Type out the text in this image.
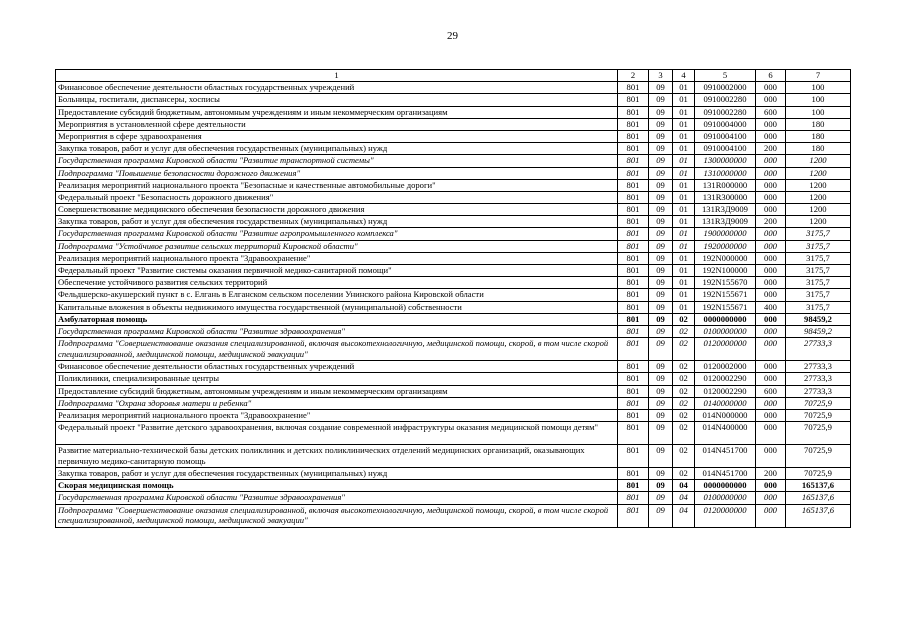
29
1	2	3	4	5	6	7
Финансовое обеспечение деятельности областных государственных учреждений	801	09	01	0910002000	000	100
Больницы, госпитали, диспансеры, хосписы	801	09	01	0910002280	000	100
Предоставление субсидий бюджетным, автономным учреждениям и иным некоммерческим организациям	801	09	01	0910002280	600	100
Мероприятия в установленной сфере деятельности	801	09	01	0910004000	000	180
Мероприятия в сфере здравоохранения	801	09	01	0910004100	000	180
Закупка товаров, работ и услуг для обеспечения государственных (муниципальных) нужд	801	09	01	0910004100	200	180
Государственная программа Кировской области "Развитие транспортной системы"	801	09	01	1300000000	000	1200
Подпрограмма "Повышение безопасности дорожного движения"	801	09	01	1310000000	000	1200
Реализация мероприятий национального проекта "Безопасные и качественные автомобильные дороги"	801	09	01	131R000000	000	1200
Федеральный проект "Безопасность дорожного движения"	801	09	01	131R300000	000	1200
Совершенствование медицинского обеспечения безопасности дорожного движения	801	09	01	131R3Д9009	000	1200
Закупка товаров, работ и услуг для обеспечения государственных (муниципальных) нужд	801	09	01	131R3Д9009	200	1200
Государственная программа Кировской области "Развитие агропромышленного комплекса"	801	09	01	1900000000	000	3175,7
Подпрограмма "Устойчивое развитие сельских территорий Кировской области"	801	09	01	1920000000	000	3175,7
Реализация мероприятий национального проекта "Здравоохранение"	801	09	01	192N000000	000	3175,7
Федеральный проект "Развитие системы оказания первичной медико-санитарной помощи"	801	09	01	192N100000	000	3175,7
Обеспечение устойчивого развития сельских территорий	801	09	01	192N155670	000	3175,7
Фельдшерско-акушерский пункт в с. Елгань в Елганском сельском поселении Унинского района Кировской области	801	09	01	192N155671	000	3175,7
Капитальные вложения в объекты недвижимого имущества государственной (муниципальной) собственности	801	09	01	192N155671	400	3175,7
Амбулаторная помощь	801	09	02	0000000000	000	98459,2
Государственная программа Кировской области "Развитие здравоохранения"	801	09	02	0100000000	000	98459,2
Подпрограмма "Совершенствование оказания специализированной, включая высокотехнологичную, медицинской помощи, скорой, в том числе скорой специализированной, медицинской помощи, медицинской эвакуации"	801	09	02	0120000000	000	27733,3
Финансовое обеспечение деятельности областных государственных учреждений	801	09	02	0120002000	000	27733,3
Поликлиники, специализированные центры	801	09	02	0120002290	000	27733,3
Предоставление субсидий бюджетным, автономным учреждениям и иным некоммерческим организациям	801	09	02	0120002290	600	27733,3
Подпрограмма "Охрана здоровья матери и ребенка"	801	09	02	0140000000	000	70725,9
Реализация мероприятий национального проекта "Здравоохранение"	801	09	02	014N000000	000	70725,9
Федеральный проект "Развитие детского здравоохранения, включая создание современной инфраструктуры оказания медицинской помощи детям"	801	09	02	014N400000	000	70725,9
Развитие материально-технической базы детских поликлиник и детских поликлинических отделений медицинских организаций, оказывающих первичную медико-санитарную помощь	801	09	02	014N451700	000	70725,9
Закупка товаров, работ и услуг для обеспечения государственных (муниципальных) нужд	801	09	02	014N451700	200	70725,9
Скорая медицинская помощь	801	09	04	0000000000	000	165137,6
Государственная программа Кировской области "Развитие здравоохранения"	801	09	04	0100000000	000	165137,6
Подпрограмма "Совершенствование оказания специализированной, включая высокотехнологичную, медицинской помощи, скорой, в том числе скорой специализированной, медицинской помощи, медицинской эвакуации"	801	09	04	0120000000	000	165137,6
